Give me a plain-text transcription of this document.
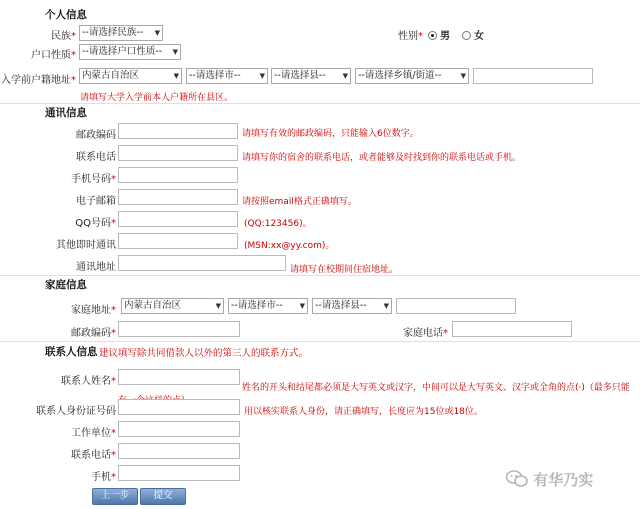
个人信息
民族* --请选择民族-- ▼	性别*	男	女
户口性质* --请选择户口性质-- ▼
入学前户籍地址* 内蒙古自治区	▼	--请选择市--	▼ --请选择县-- ▼	--请选择乡镇/街道--	▼
请填写大学入学前本人户籍所在县区。
通讯信息
邮政编码	请填写有效的邮政编码，只能输入6位数字。
联系电话	请填写你的宿舍的联系电话，或者能够及时找到你的联系电话或手机。
手机号码*
电子邮箱	请按照email格式正确填写。
QQ号码*	(QQ:123456)。
其他即时通讯	(MSN:xx@yy.com)。
通讯地址	请填写在校期间住宿地址。
家庭信息
家庭地址* 内蒙古自治区	▼	--请选择市-- ▼	--请选择县-- ▼
邮政编码*	家庭电话*
联系人信息 建议填写除共同借款人以外的第三人的联系方式。
联系人姓名*
姓名的开头和结尾都必须是大写英文或汉字，中间可以是大写英文、汉字或全角的点(·)（最多只能
联系人身份证号码	用以核实联系人身份，请正确填写，长度应为15位或18位。
工作单位*
联系电话*
手机*
上一步	提交
有华乃实
